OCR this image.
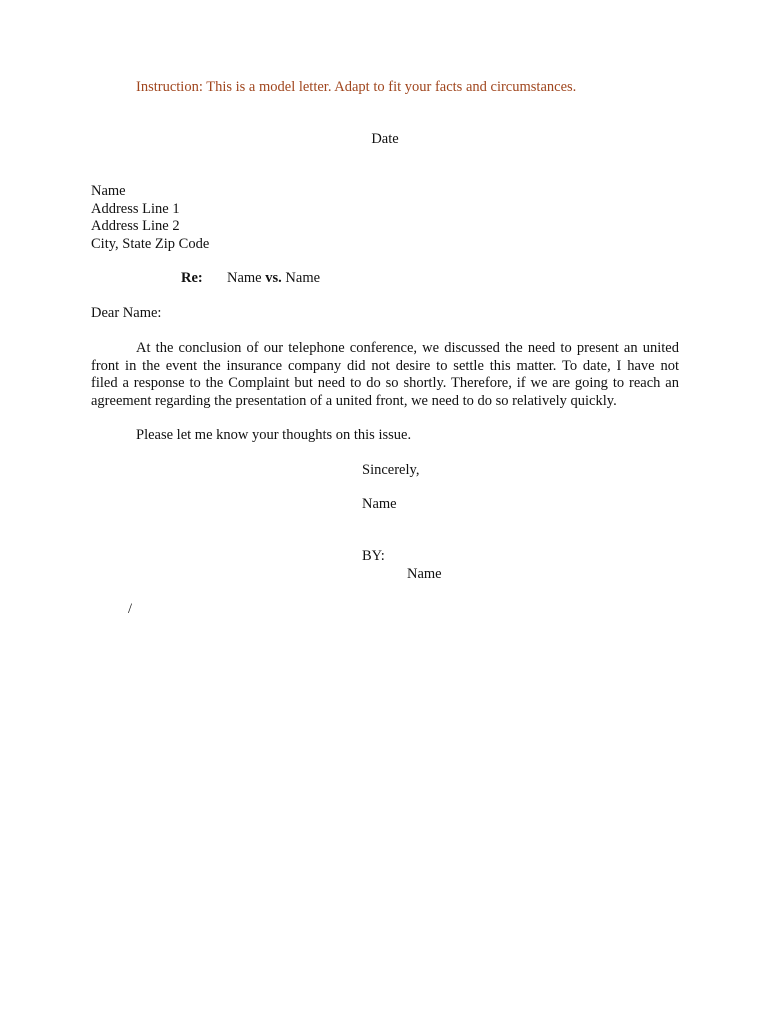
Instruction: This is a model letter. Adapt to fit your facts and circumstances.
Date
Name
Address Line 1
Address Line 2
City, State Zip Code
Re: Name vs. Name
Dear Name:
At the conclusion of our telephone conference, we discussed the need to present an united
front in the event the insurance company did not desire to settle this matter. To date, I have not
filed a response to the Complaint but need to do so shortly. Therefore, if we are going to reach an
agreement regarding the presentation of a united front, we need to do so relatively quickly.
Please let me know your thoughts on this issue.
Sincerely,
Name
BY:
Name
/
